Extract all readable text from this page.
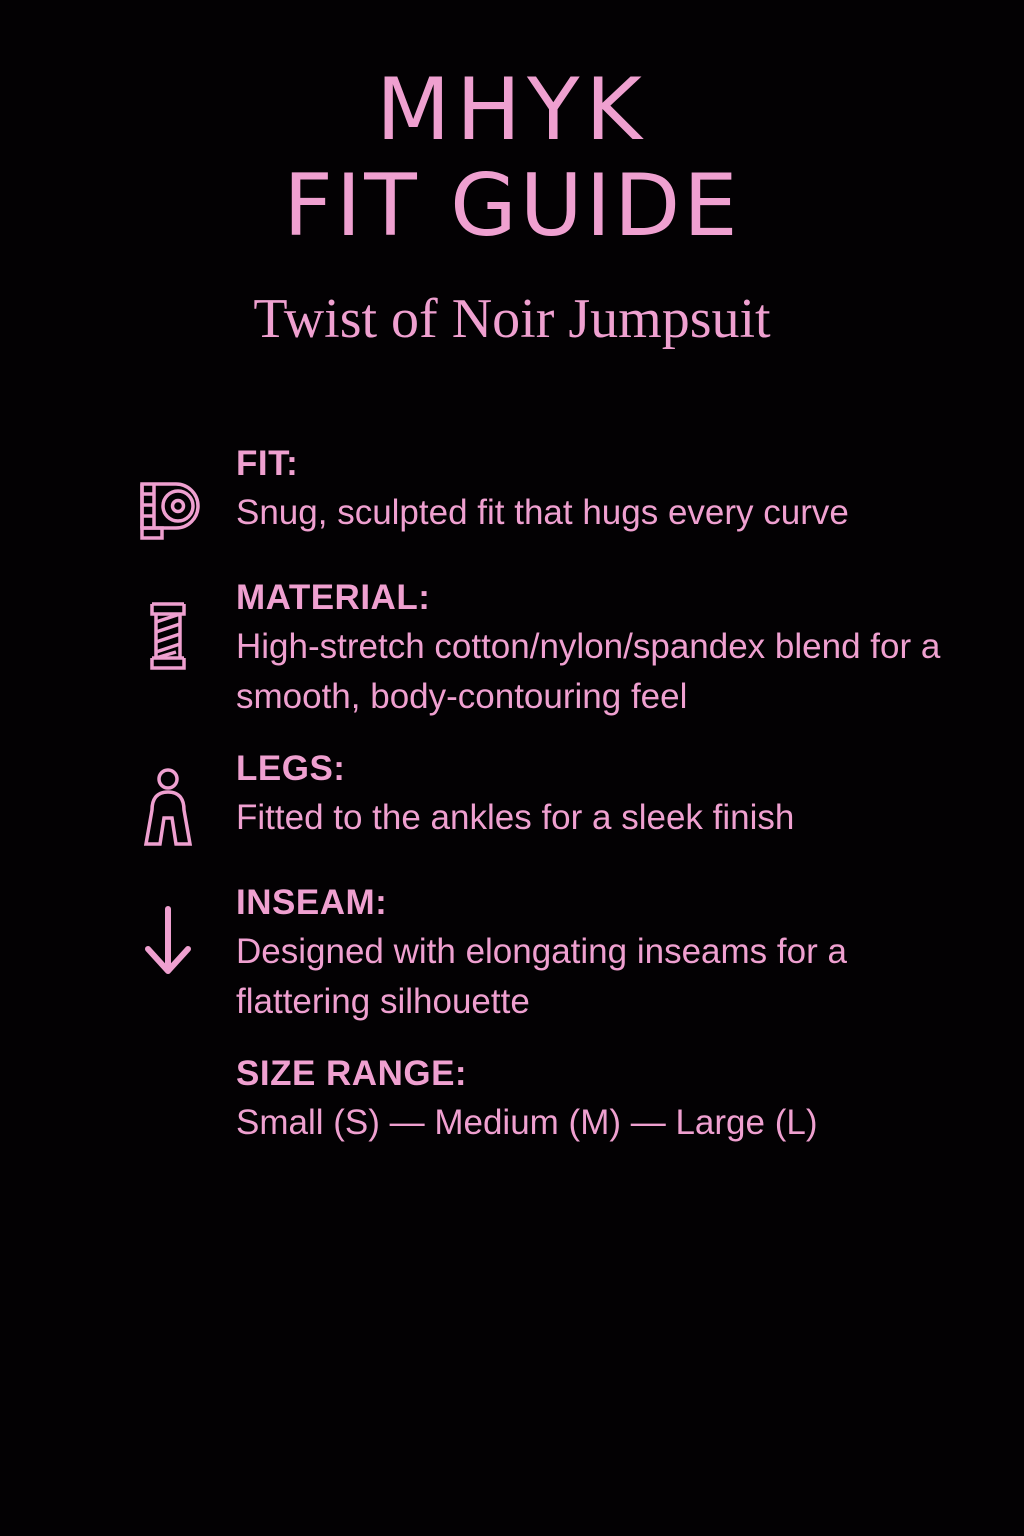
MHYK
FIT GUIDE
Twist of Noir Jumpsuit

FIT:

Snug, sculpted fit that hugs every curve

MATERIAL:

High-stretch cotton/nylon/spandex blend for a smooth, body-contouring feel

LEGS:

Fitted to the ankles for a sleek finish

INSEAM:

Designed with elongating inseams for a flattering silhouette

SIZE RANGE:

Small (S) — Medium (M) — Large (L)
